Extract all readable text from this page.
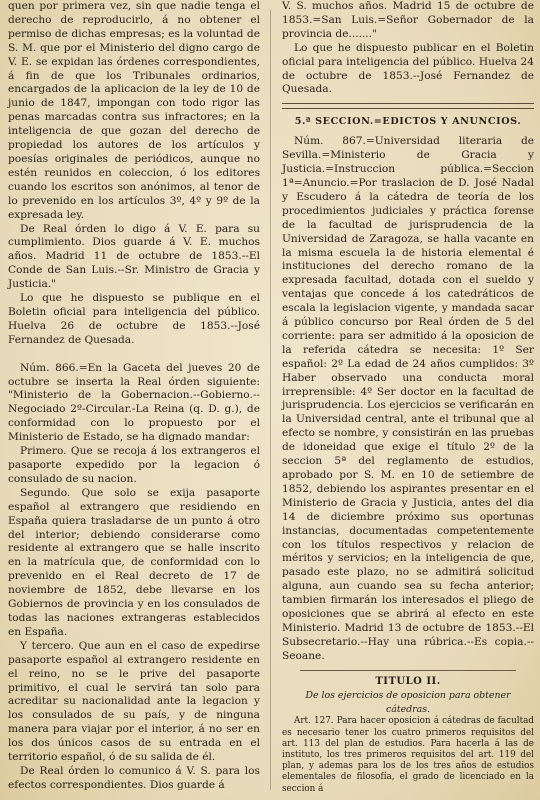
quen por primera vez, sin que nadie tenga el derecho de reproducirlo, á no obtener el permiso de dichas empresas; es la voluntad de S. M. que por el Ministerio del digno cargo de V. E. se expidan las órdenes correspondientes, á fin de que los Tribunales ordinarios, encargados de la aplicacion de la ley de 10 de junio de 1847, impongan con todo rigor las penas marcadas contra sus infractores; en la inteligencia de que gozan del derecho de propiedad los autores de los artículos y poesías originales de periódicos, aunque no estén reunidos en coleccion, ó los editores cuando los escritos son anónimos, al tenor de lo prevenido en los artículos 3º, 4º y 9º de la expresada ley.

De Real órden lo digo á V. E. para su cumplimiento. Dios guarde á V. E. muchos años. Madrid 11 de octubre de 1853.--El Conde de San Luis.--Sr. Ministro de Gracia y Justicia."

Lo que he dispuesto se publique en el Boletin oficial para inteligencia del público. Huelva 26 de octubre de 1853.--José Fernandez de Quesada.

Núm. 866.=En la Gaceta del jueves 20 de octubre se inserta la Real órden siguiente: "Ministerio de la Gobernacion.--Gobierno.--Negociado 2º-Circular.-La Reina (q. D. g.), de conformidad con lo propuesto por el Ministerio de Estado, se ha dignado mandar:

Primero. Que se recoja á los extrangeros el pasaporte expedido por la legacion ó consulado de su nacion.

Segundo. Que solo se exija pasaporte español al extrangero que residiendo en España quiera trasladarse de un punto á otro del interior; debiendo considerarse como residente al extrangero que se halle inscrito en la matrícula que, de conformidad con lo prevenido en el Real decreto de 17 de noviembre de 1852, debe llevarse en los Gobiernos de provincia y en los consulados de todas las naciones extrangeras establecidos en España.

Y tercero. Que aun en el caso de expedirse pasaporte español al extrangero residente en el reino, no se le prive del pasaporte primitivo, el cual le servirá tan solo para acreditar su nacionalidad ante la legacion y los consulados de su país, y de ninguna manera para viajar por el interior, á no ser en los dos únicos casos de su entrada en el territorio español, ó de su salida de él.

De Real órden lo comunico á V. S. para los efectos correspondientes. Dios guarde á

V. S. muchos años. Madrid 15 de octubre de 1853.=San Luis.=Señor Gobernador de la provincia de......."

Lo que he dispuesto publicar en el Boletin oficial para inteligencia del público. Huelva 24 de octubre de 1853.--José Fernandez de Quesada.

5.ª SECCION.=EDICTOS Y ANUNCIOS.

Núm. 867.=Universidad literaria de Sevilla.=Ministerio de Gracia y Justicia.=Instruccion pública.=Seccion 1ª=Anuncio.=Por traslacion de D. José Nadal y Escudero á la cátedra de teoría de los procedimientos judiciales y práctica forense de la facultad de jurisprudencia de la Universidad de Zaragoza, se halla vacante en la misma escuela la de historia elemental é instituciones del derecho romano de la expresada facultad, dotada con el sueldo y ventajas que concede á los catedráticos de escala la legislacion vigente, y mandada sacar á público concurso por Real órden de 5 del corriente: para ser admitido á la oposicion de la referida cátedra se necesita: 1º Ser español: 2º La edad de 24 años cumplidos: 3º Haber observado una conducta moral irreprensible: 4º Ser doctor en la facultad de jurisprudencia. Los ejercicios se verificarán en la Universidad central, ante el tribunal que al efecto se nombre, y consistirán en las pruebas de idoneidad que exige el título 2º de la seccion 5ª del reglamento de estudios, aprobado por S. M. en 10 de setiembre de 1852, debiendo los aspirantes presentar en el Ministerio de Gracia y Justicia, antes del dia 14 de diciembre próximo sus oportunas instancias, documentadas competentemente con los títulos respectivos y relacion de méritos y servicios; en la inteligencia de que, pasado este plazo, no se admitirá solicitud alguna, aun cuando sea su fecha anterior; tambien firmarán los interesados el pliego de oposiciones que se abrirá al efecto en este Ministerio. Madrid 13 de octubre de 1853.--El Subsecretario.--Hay una rúbrica.--Es copia.--Seoane.

TITULO II.

De los ejercicios de oposicion para obtener cátedras.

Art. 127. Para hacer oposicion á cátedras de facultad es necesario tener los cuatro primeros requisitos del art. 113 del plan de estudios. Para hacerla á las de instituto, los tres primeros requisitos del art. 119 del plan, y ademas para los de los tres años de estudios elementales de filosofía, el grado de licenciado en la seccion á
